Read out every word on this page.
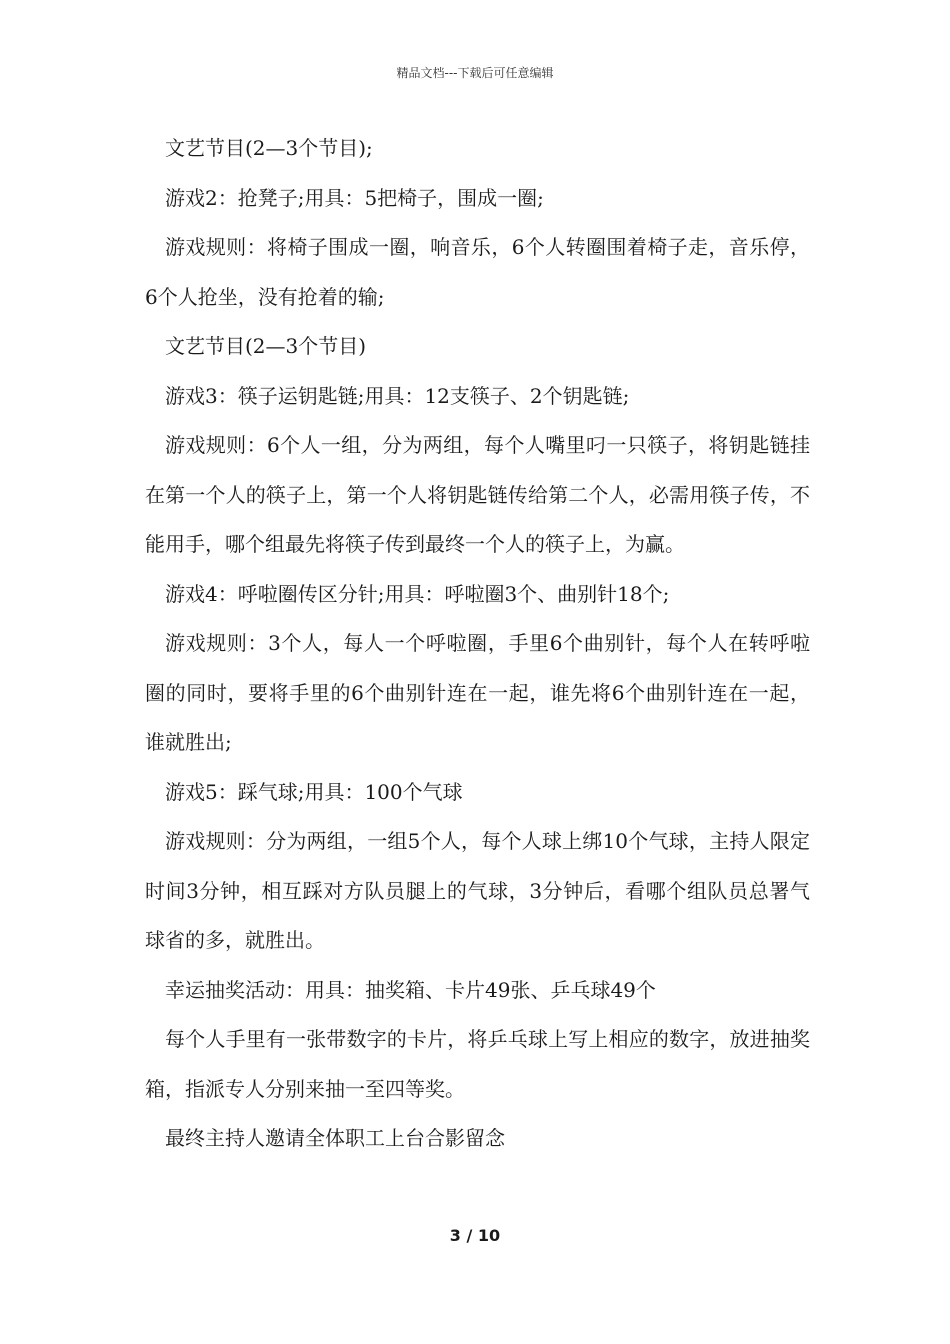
精品文档---下载后可任意编辑

文艺节目(2—3个节目);

游戏2：抢凳子;用具：5把椅子，围成一圈;

游戏规则：将椅子围成一圈，响音乐，6个人转圈围着椅子走，音乐停，6个人抢坐，没有抢着的输;

文艺节目(2—3个节目)

游戏3：筷子运钥匙链;用具：12支筷子、2个钥匙链;

游戏规则：6个人一组，分为两组，每个人嘴里叼一只筷子，将钥匙链挂在第一个人的筷子上，第一个人将钥匙链传给第二个人，必需用筷子传，不能用手，哪个组最先将筷子传到最终一个人的筷子上，为赢。

游戏4：呼啦圈传区分针;用具：呼啦圈3个、曲别针18个;

游戏规则：3个人，每人一个呼啦圈，手里6个曲别针，每个人在转呼啦圈的同时，要将手里的6个曲别针连在一起，谁先将6个曲别针连在一起，谁就胜出;

游戏5：踩气球;用具：100个气球

游戏规则：分为两组，一组5个人，每个人球上绑10个气球，主持人限定时间3分钟，相互踩对方队员腿上的气球，3分钟后，看哪个组队员总署气球省的多，就胜出。

幸运抽奖活动：用具：抽奖箱、卡片49张、乒乓球49个

每个人手里有一张带数字的卡片，将乒乓球上写上相应的数字，放进抽奖箱，指派专人分别来抽一至四等奖。

最终主持人邀请全体职工上台合影留念

3 / 10
